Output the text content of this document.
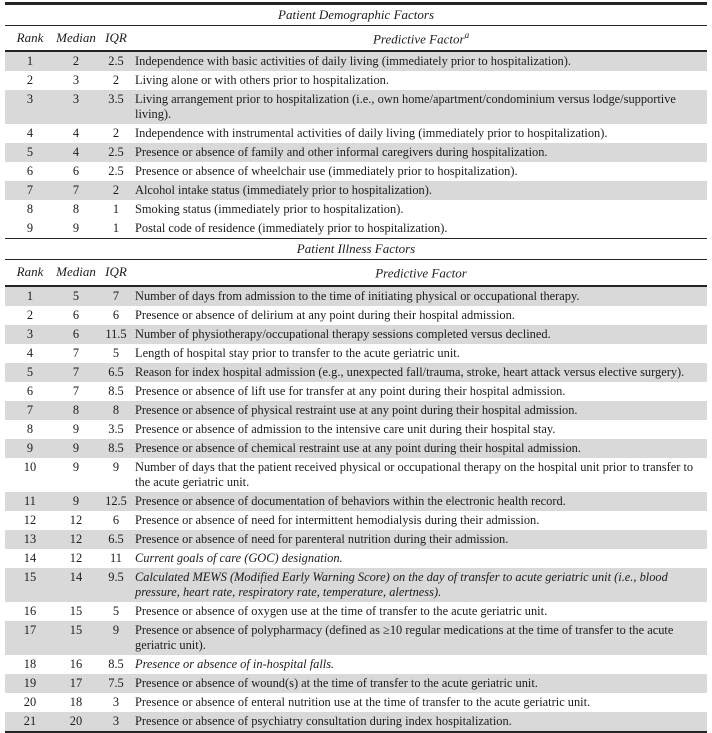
Patient Demographic Factors			
Rank	Median	IQR	Predictive Factor$^a$
1	2	2.5	Independence with basic activities of daily living (immediately prior to hospitalization).
2	3	2	Living alone or with others prior to hospitalization.
3	3	3.5	Living arrangement prior to hospitalization (i.e., own home/apartment/condominium versus lodge/supportive living).
4	4	2	Independence with instrumental activities of daily living (immediately prior to hospitalization).
5	4	2.5	Presence or absence of family and other informal caregivers during hospitalization.
6	6	2.5	Presence or absence of wheelchair use (immediately prior to hospitalization).
7	7	2	Alcohol intake status (immediately prior to hospitalization).
8	8	1	Smoking status (immediately prior to hospitalization).
9	9	1	Postal code of residence (immediately prior to hospitalization).
Patient Illness Factors			
Rank	Median	IQR	Predictive Factor
1	5	7	Number of days from admission to the time of initiating physical or occupational therapy.
2	6	6	Presence or absence of delirium at any point during their hospital admission.
3	6	11.5	Number of physiotherapy/occupational therapy sessions completed versus declined.
4	7	5	Length of hospital stay prior to transfer to the acute geriatric unit.
5	7	6.5	Reason for index hospital admission (e.g., unexpected fall/trauma, stroke, heart attack versus elective surgery).
6	7	8.5	Presence or absence of lift use for transfer at any point during their hospital admission.
7	8	8	Presence or absence of physical restraint use at any point during their hospital admission.
8	9	3.5	Presence or absence of admission to the intensive care unit during their hospital stay.
9	9	8.5	Presence or absence of chemical restraint use at any point during their hospital admission.
10	9	9	Number of days that the patient received physical or occupational therapy on the hospital unit prior to transfer to the acute geriatric unit.
11	9	12.5	Presence or absence of documentation of behaviors within the electronic health record.
12	12	6	Presence or absence of need for intermittent hemodialysis during their admission.
13	12	6.5	Presence or absence of need for parenteral nutrition during their admission.
14	12	11	Current goals of care (GOC) designation.
15	14	9.5	Calculated MEWS (Modified Early Warning Score) on the day of transfer to acute geriatric unit (i.e., blood pressure, heart rate, respiratory rate, temperature, alertness).
16	15	5	Presence or absence of oxygen use at the time of transfer to the acute geriatric unit.
17	15	9	Presence or absence of polypharmacy (defined as ≥10 regular medications at the time of transfer to the acute geriatric unit).
18	16	8.5	Presence or absence of in-hospital falls.
19	17	7.5	Presence or absence of wound(s) at the time of transfer to the acute geriatric unit.
20	18	3	Presence or absence of enteral nutrition use at the time of transfer to the acute geriatric unit.
21	20	3	Presence or absence of psychiatry consultation during index hospitalization.
